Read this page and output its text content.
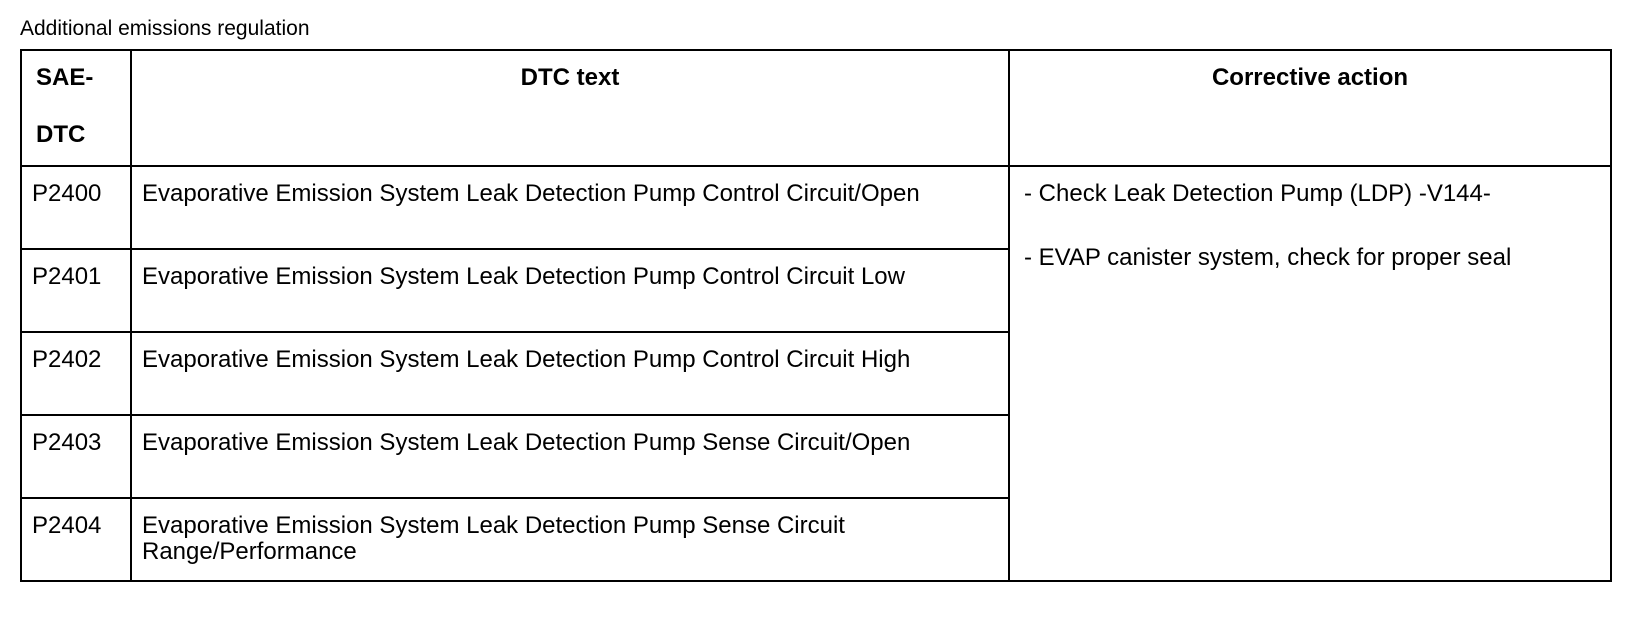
Additional emissions regulation
SAE-
DTC	DTC text	Corrective action
P2400	Evaporative Emission System Leak Detection Pump Control Circuit/Open	- Check Leak Detection Pump (LDP) -V144-
- EVAP canister system, check for proper seal

P2401	Evaporative Emission System Leak Detection Pump Control Circuit Low	
P2402	Evaporative Emission System Leak Detection Pump Control Circuit High	
P2403	Evaporative Emission System Leak Detection Pump Sense Circuit/Open	
P2404	Evaporative Emission System Leak Detection Pump Sense Circuit Range/Performance	
